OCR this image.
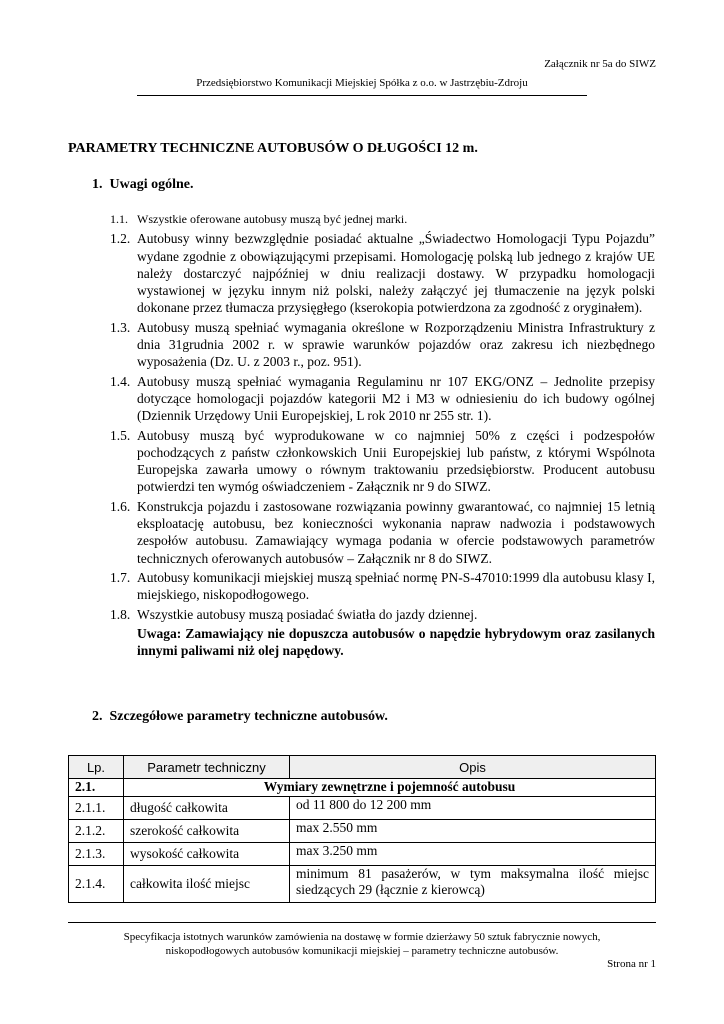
Załącznik nr 5a do SIWZ
Przedsiębiorstwo Komunikacji Miejskiej Spółka z o.o. w Jastrzębiu-Zdroju
PARAMETRY TECHNICZNE AUTOBUSÓW O DŁUGOŚCI 12 m.
1.  Uwagi ogólne.
1.1. Wszystkie oferowane autobusy muszą być jednej marki.
1.2. Autobusy winny bezwzględnie posiadać aktualne „Świadectwo Homologacji Typu Pojazdu” wydane zgodnie z obowiązującymi przepisami. Homologację polską lub jednego z krajów UE należy dostarczyć najpóźniej w dniu realizacji dostawy. W przypadku homologacji wystawionej w języku innym niż polski, należy załączyć jej tłumaczenie na język polski dokonane przez tłumacza przysięgłego (kserokopia potwierdzona za zgodność z oryginałem).
1.3. Autobusy muszą spełniać wymagania określone w Rozporządzeniu Ministra Infrastruktury z dnia 31grudnia 2002 r. w sprawie warunków pojazdów oraz zakresu ich niezbędnego wyposażenia (Dz. U. z 2003 r., poz. 951).
1.4. Autobusy muszą spełniać wymagania Regulaminu nr 107 EKG/ONZ – Jednolite przepisy dotyczące homologacji pojazdów kategorii M2 i M3 w odniesieniu do ich budowy ogólnej (Dziennik Urzędowy Unii Europejskiej, L rok 2010 nr 255 str. 1).
1.5. Autobusy muszą być wyprodukowane w co najmniej 50% z części i podzespołów pochodzących z państw członkowskich Unii Europejskiej lub państw, z którymi Wspólnota Europejska zawarła umowy o równym traktowaniu przedsiębiorstw. Producent autobusu potwierdzi ten wymóg oświadczeniem - Załącznik nr 9 do SIWZ.
1.6. Konstrukcja pojazdu i zastosowane rozwiązania powinny gwarantować, co najmniej 15 letnią eksploatację autobusu, bez konieczności wykonania napraw nadwozia i podstawowych zespołów autobusu. Zamawiający wymaga podania w ofercie podstawowych parametrów technicznych oferowanych autobusów – Załącznik nr 8 do SIWZ.
1.7. Autobusy komunikacji miejskiej muszą spełniać normę PN-S-47010:1999 dla autobusu klasy I, miejskiego, niskopodłogowego.
1.8. Wszystkie autobusy muszą posiadać światła do jazdy dziennej.
Uwaga: Zamawiający nie dopuszcza autobusów o napędzie hybrydowym oraz zasilanych innymi paliwami niż olej napędowy.
2.  Szczegółowe parametry techniczne autobusów.
Lp.	Parametr techniczny	Opis
2.1.	Wymiary zewnętrzne i pojemność autobusu	
2.1.1.	długość całkowita	od 11 800 do 12 200 mm
2.1.2.	szerokość całkowita	max 2.550 mm
2.1.3.	wysokość całkowita	max 3.250 mm
2.1.4.	całkowita ilość miejsc	minimum 81 pasażerów, w tym maksymalna ilość miejsc siedzących 29 (łącznie z kierowcą)
Specyfikacja istotnych warunków zamówienia na dostawę w formie dzierżawy 50 sztuk fabrycznie nowych,
niskopodłogowych autobusów komunikacji miejskiej – parametry techniczne autobusów.
Strona nr 1
